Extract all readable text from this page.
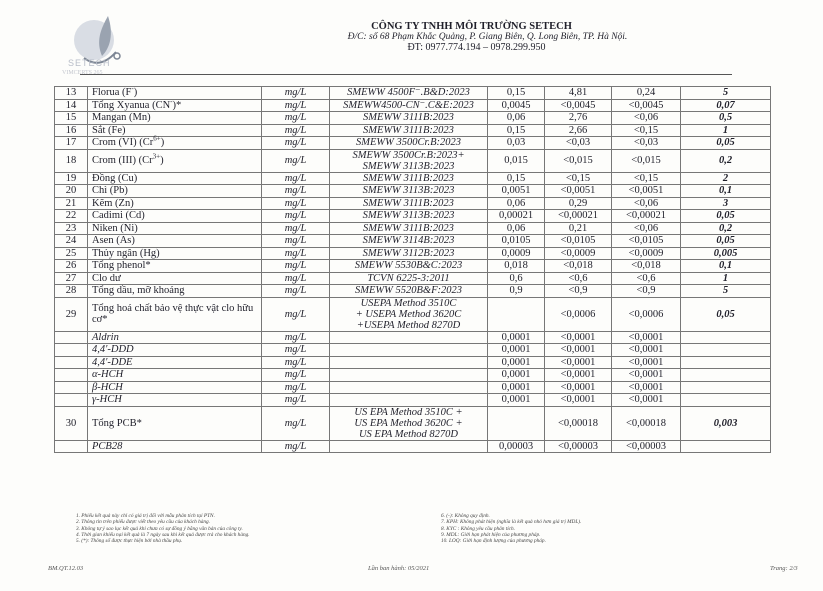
SETECH
VIMCERTS 265
CÔNG TY TNHH MÔI TRƯỜNG SETECH
Đ/C: số 68 Phạm Khắc Quảng, P. Giang Biên, Q. Long Biên, TP. Hà Nội.
ĐT: 0977.774.194 – 0978.299.950
13	Florua (F-)	mg/L	SMEWW 4500F⁻.B&D:2023	0,15	4,81	0,24	5
14	Tổng Xyanua (CN-)*	mg/L	SMEWW4500-CN⁻.C&E:2023	0,0045	<0,0045	<0,0045	0,07
15	Mangan (Mn)	mg/L	SMEWW 3111B:2023	0,06	2,76	<0,06	0,5
16	Sắt (Fe)	mg/L	SMEWW 3111B:2023	0,15	2,66	<0,15	1
17	Crom (VI) $(Cr^{6+})$	mg/L	SMEWW 3500Cr.B:2023	0,03	<0,03	<0,03	0,05
18	Crom (III) $(Cr^{3+})$	mg/L	SMEWW 3500Cr.B:2023+
SMEWW 3113B:2023	0,015	<0,015	<0,015	0,2
19	Đồng (Cu)	mg/L	SMEWW 3111B:2023	0,15	<0,15	<0,15	2
20	Chì (Pb)	mg/L	SMEWW 3113B:2023	0,0051	<0,0051	<0,0051	0,1
21	Kẽm (Zn)	mg/L	SMEWW 3111B:2023	0,06	0,29	<0,06	3
22	Cadimi (Cd)	mg/L	SMEWW 3113B:2023	0,00021	<0,00021	<0,00021	0,05
23	Niken (Ni)	mg/L	SMEWW 3111B:2023	0,06	0,21	<0,06	0,2
24	Asen (As)	mg/L	SMEWW 3114B:2023	0,0105	<0,0105	<0,0105	0,05
25	Thủy ngân (Hg)	mg/L	SMEWW 3112B:2023	0,0009	<0,0009	<0,0009	0,005
26	Tổng phenol*	mg/L	SMEWW 5530B&C:2023	0,018	<0,018	<0,018	0,1
27	Clo dư	mg/L	TCVN 6225-3:2011	0,6	<0,6	<0,6	1
28	Tổng dầu, mỡ khoáng	mg/L	SMEWW 5520B&F:2023	0,9	<0,9	<0,9	5
29	Tổng hoá chất bảo vệ thực vật clo hữu cơ*	mg/L	USEPA Method 3510C
+ USEPA Method 3620C
+USEPA Method 8270D		<0,0006	<0,0006	0,05
	Aldrin	mg/L		0,0001	<0,0001	<0,0001	
	4,4'-DDD	mg/L		0,0001	<0,0001	<0,0001	
	4,4'-DDE	mg/L		0,0001	<0,0001	<0,0001	
	α-HCH	mg/L		0,0001	<0,0001	<0,0001	
	β-HCH	mg/L		0,0001	<0,0001	<0,0001	
	γ-HCH	mg/L		0,0001	<0,0001	<0,0001	
30	Tổng PCB*	mg/L	US EPA Method 3510C +
US EPA Method 3620C +
US EPA Method 8270D		<0,00018	<0,00018	0,003
	PCB28	mg/L		0,00003	<0,00003	<0,00003	
1. Phiếu kết quả này chỉ có giá trị đối với mẫu phân tích tại PTN.
2. Thông tin trên phiếu được viết theo yêu cầu của khách hàng.
3. Không tự ý sao lục kết quả khi chưa có sự đồng ý bằng văn bản của công ty.
4. Thời gian khiếu nại kết quả là 7 ngày sau khi kết quả được trả cho khách hàng.
5. (*): Thông số được thực hiện bởi nhà thầu phụ.
6. (-): Không quy định.
7. KPH: Không phát hiện (nghĩa là kết quả nhỏ hơn giá trị MDL).
8. KYC : Không yêu cầu phân tích.
9. MDL: Giới hạn phát hiện của phương pháp.
10. LOQ: Giới hạn định lượng của phương pháp.
BM.QT.12.03	Lần ban hành: 05/2021	Trang: 2/3
